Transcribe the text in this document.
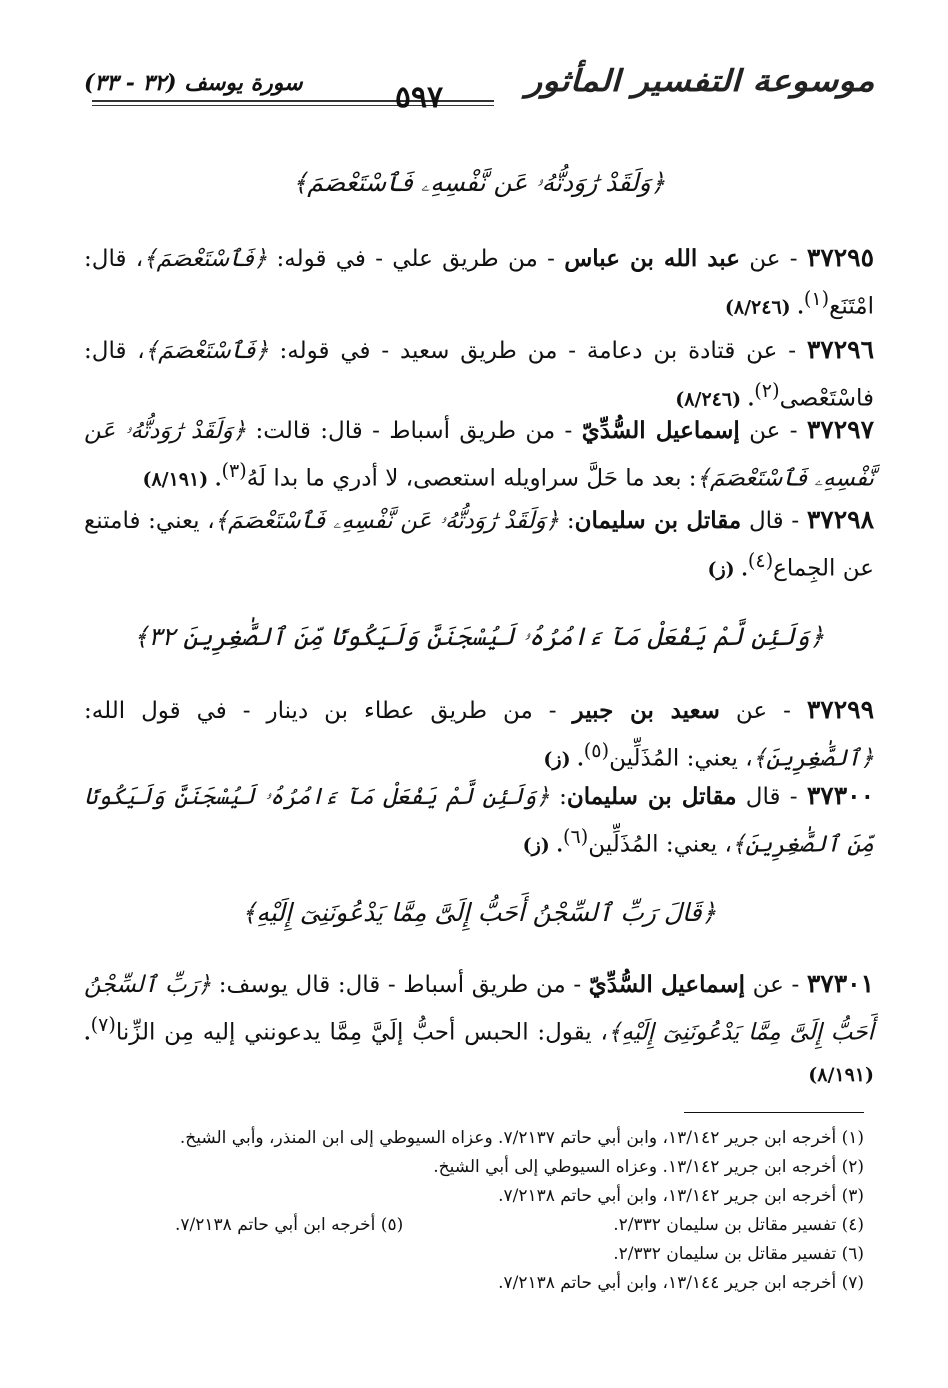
موسوعة التفسير المأثور
٥٩٧
سورة يوسف (٣٢ - ٣٣)
﴿وَلَقَدْ رَٰوَدتُّهُۥ عَن نَّفْسِهِۦ فَٱسْتَعْصَمَ﴾
٣٧٢٩٥ - عن عبد الله بن عباس - من طريق علي - في قوله: ﴿فَٱسْتَعْصَمَ﴾، قال: امْتَنَع$^{(١)}$. (٨/٢٤٦)
٣٧٢٩٦ - عن قتادة بن دعامة - من طريق سعيد - في قوله: ﴿فَٱسْتَعْصَمَ﴾، قال: فاسْتَعْصى$^{(٢)}$. (٨/٢٤٦)
٣٧٢٩٧ - عن إسماعيل السُّدِّيّ - من طريق أسباط - قال: قالت: ﴿وَلَقَدْ رَٰوَدتُّهُۥ عَن نَّفْسِهِۦ فَٱسْتَعْصَمَ﴾: بعد ما حَلَّ سراويله استعصى، لا أدري ما بدا لَهُ$^{(٣)}$. (٨/١٩١)
٣٧٢٩٨ - قال مقاتل بن سليمان: ﴿وَلَقَدْ رَٰوَدتُّهُۥ عَن نَّفْسِهِۦ فَٱسْتَعْصَمَ﴾، يعني: فامتنع عن الجِماع$^{(٤)}$. (ز)
﴿وَلَئِن لَّمْ يَفْعَلْ مَآ ءَامُرُهُۥ لَيُسْجَنَنَّ وَلَيَكُونًا مِّنَ ٱلصَّٰغِرِينَ ٣٢﴾
٣٧٢٩٩ - عن سعيد بن جبير - من طريق عطاء بن دينار - في قول الله: ﴿ٱلصَّٰغِرِينَ﴾، يعني: المُذَلِّين$^{(٥)}$. (ز)
٣٧٣٠٠ - قال مقاتل بن سليمان: ﴿وَلَئِن لَّمْ يَفْعَلْ مَآ ءَامُرُهُۥ لَيُسْجَنَنَّ وَلَيَكُونًا مِّنَ ٱلصَّٰغِرِينَ﴾، يعني: المُذَلِّين$^{(٦)}$. (ز)
﴿قَالَ رَبِّ ٱلسِّجْنُ أَحَبُّ إِلَىَّ مِمَّا يَدْعُونَنِىٓ إِلَيْهِ﴾
٣٧٣٠١ - عن إسماعيل السُّدِّيّ - من طريق أسباط - قال: قال يوسف: ﴿رَبِّ ٱلسِّجْنُ أَحَبُّ إِلَىَّ مِمَّا يَدْعُونَنِىٓ إِلَيْهِ﴾، يقول: الحبس أحبُّ إلَيَّ مِمَّا يدعونني إليه مِن الزِّنا$^{(٧)}$. (٨/١٩١)
(١) أخرجه ابن جرير ١٣/١٤٢، وابن أبي حاتم ٧/٢١٣٧. وعزاه السيوطي إلى ابن المنذر، وأبي الشيخ.
(٢) أخرجه ابن جرير ١٣/١٤٢. وعزاه السيوطي إلى أبي الشيخ.
(٣) أخرجه ابن جرير ١٣/١٤٢، وابن أبي حاتم ٧/٢١٣٨.
(٤) تفسير مقاتل بن سليمان ٢/٣٣٢.
(٥) أخرجه ابن أبي حاتم ٧/٢١٣٨.
(٦) تفسير مقاتل بن سليمان ٢/٣٣٢.
(٧) أخرجه ابن جرير ١٣/١٤٤، وابن أبي حاتم ٧/٢١٣٨.
